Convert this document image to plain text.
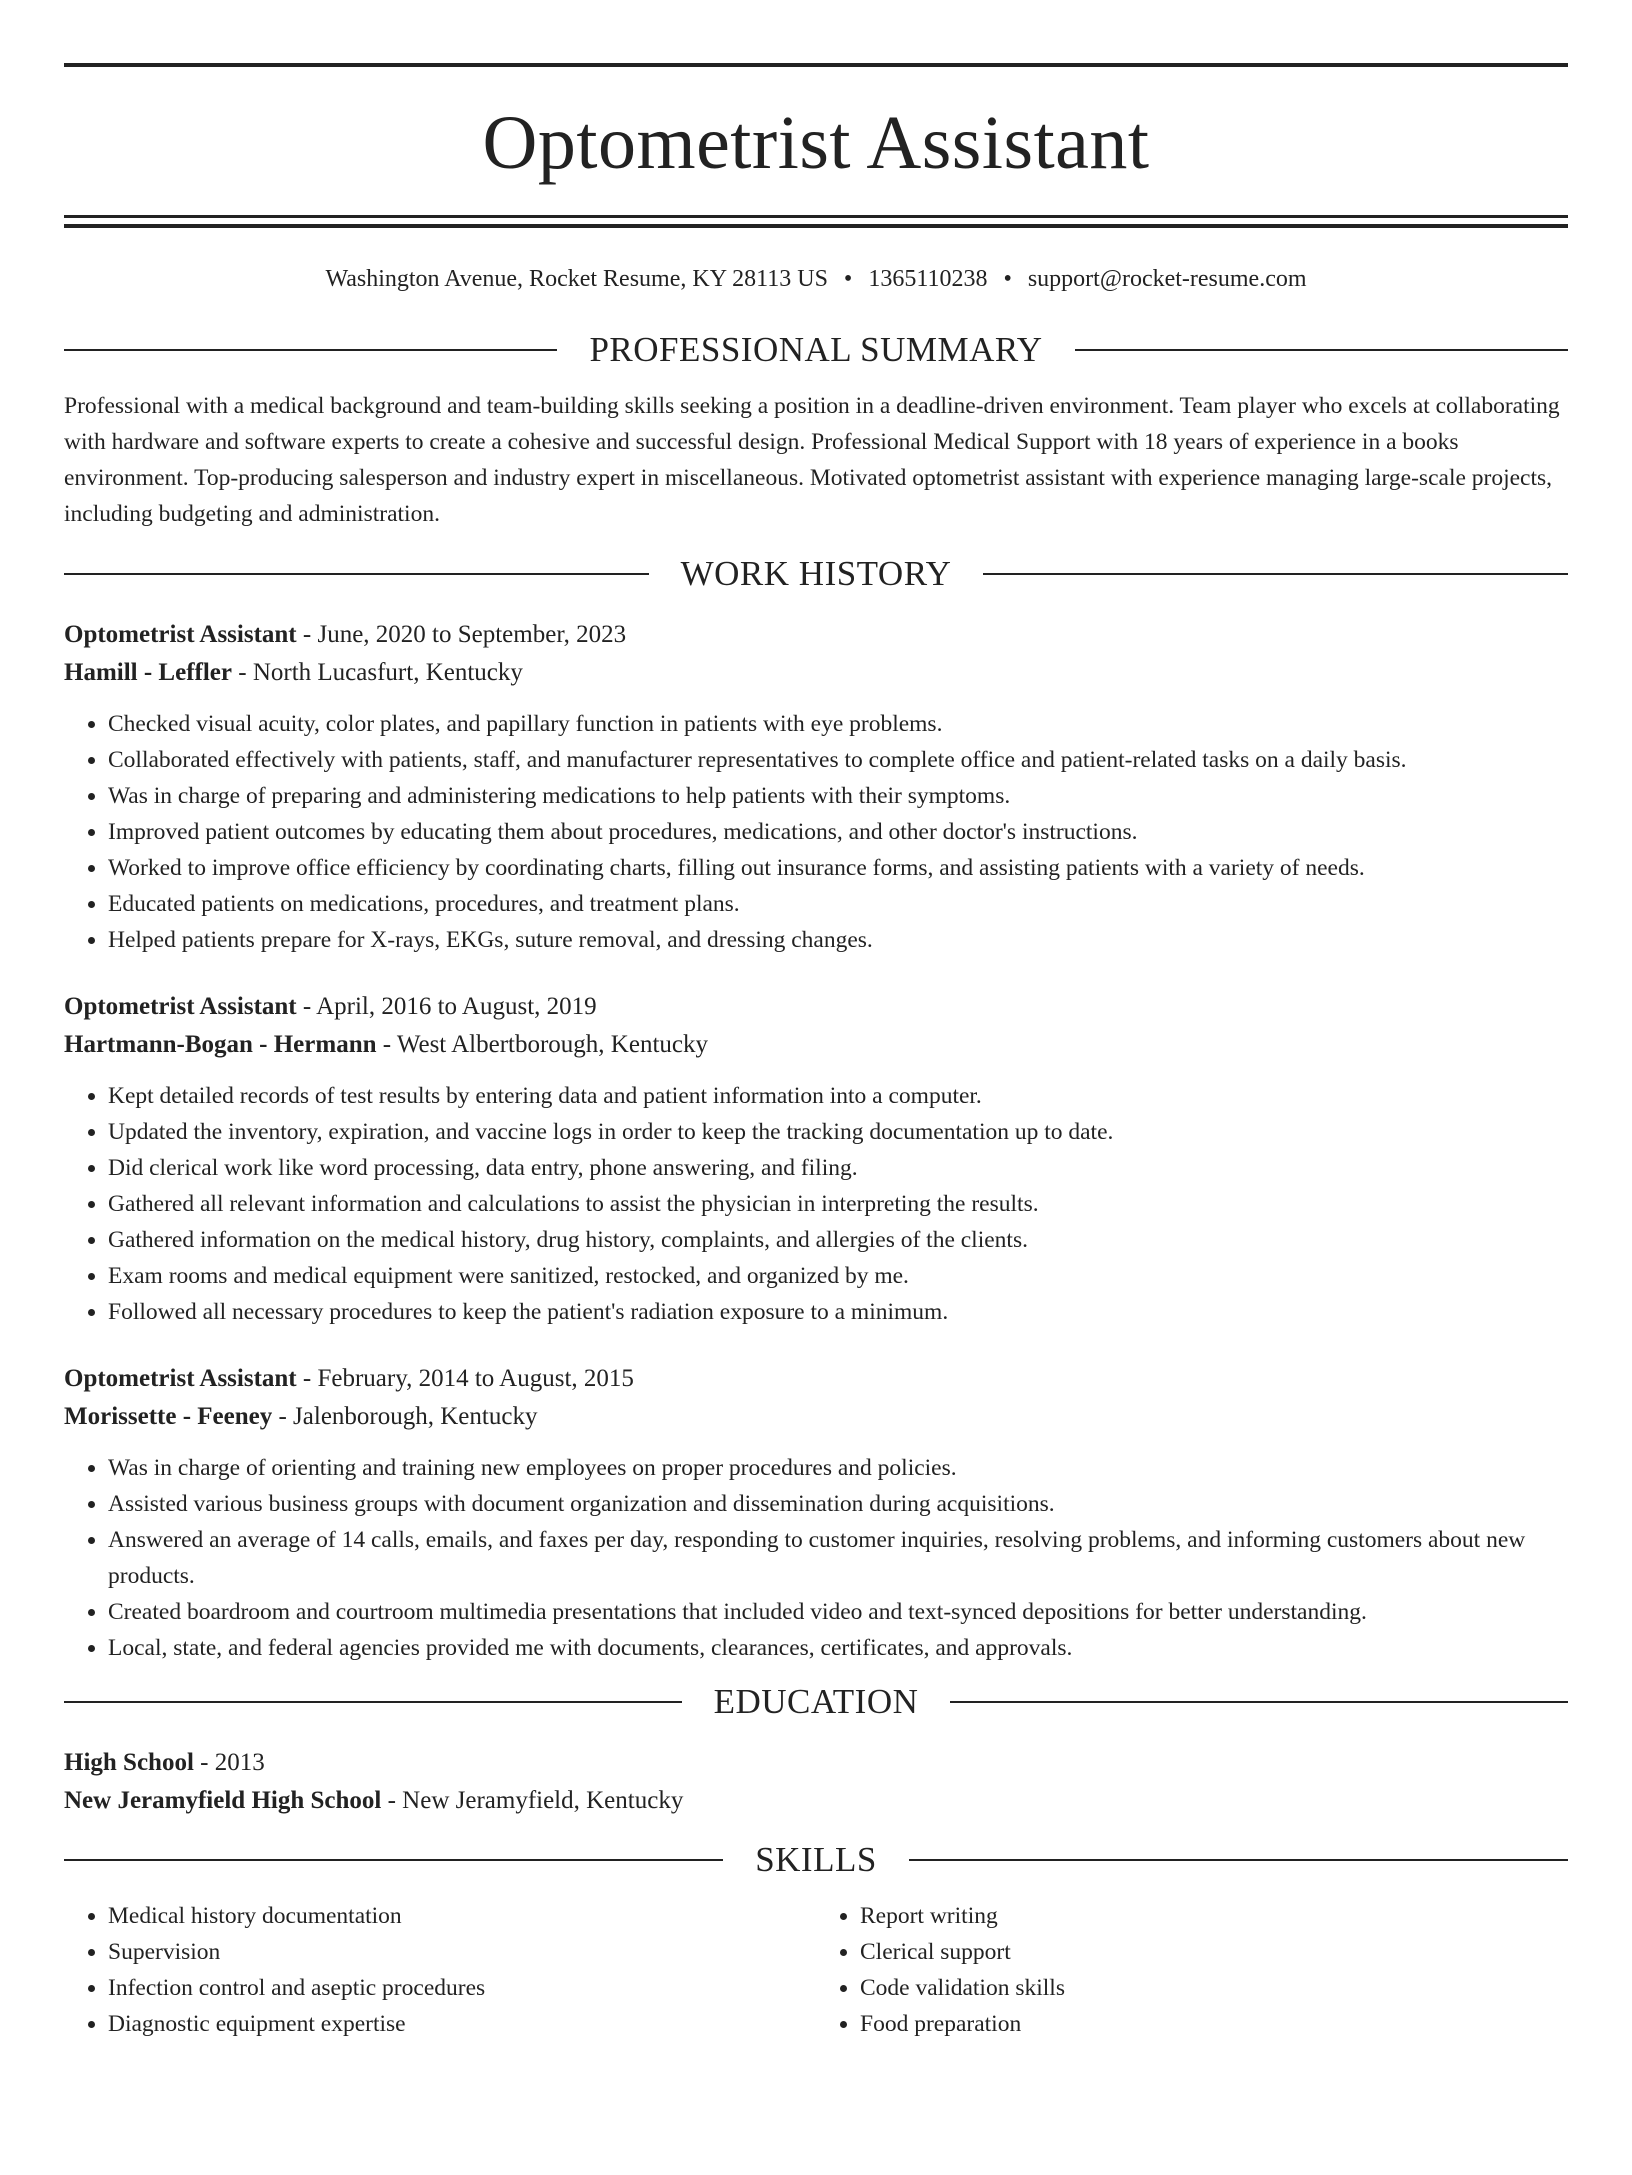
Optometrist Assistant
Washington Avenue, Rocket Resume, KY 28113 US • 1365110238 • support@rocket-resume.com
PROFESSIONAL SUMMARY

Professional with a medical background and team-building skills seeking a position in a deadline-driven environment. Team player who excels at collaborating with hardware and software experts to create a cohesive and successful design. Professional Medical Support with 18 years of experience in a books environment. Top-producing salesperson and industry expert in miscellaneous. Motivated optometrist assistant with experience managing large-scale projects, including budgeting and administration.

WORK HISTORY
Optometrist Assistant - June, 2020 to September, 2023
Hamill - Leffler - North Lucasfurt, Kentucky
• Checked visual acuity, color plates, and papillary function in patients with eye problems.
• Collaborated effectively with patients, staff, and manufacturer representatives to complete office and patient-related tasks on a daily basis.
• Was in charge of preparing and administering medications to help patients with their symptoms.
• Improved patient outcomes by educating them about procedures, medications, and other doctor's instructions.
• Worked to improve office efficiency by coordinating charts, filling out insurance forms, and assisting patients with a variety of needs.
• Educated patients on medications, procedures, and treatment plans.
• Helped patients prepare for X-rays, EKGs, suture removal, and dressing changes.
Optometrist Assistant - April, 2016 to August, 2019
Hartmann-Bogan - Hermann - West Albertborough, Kentucky
• Kept detailed records of test results by entering data and patient information into a computer.
• Updated the inventory, expiration, and vaccine logs in order to keep the tracking documentation up to date.
• Did clerical work like word processing, data entry, phone answering, and filing.
• Gathered all relevant information and calculations to assist the physician in interpreting the results.
• Gathered information on the medical history, drug history, complaints, and allergies of the clients.
• Exam rooms and medical equipment were sanitized, restocked, and organized by me.
• Followed all necessary procedures to keep the patient's radiation exposure to a minimum.
Optometrist Assistant - February, 2014 to August, 2015
Morissette - Feeney - Jalenborough, Kentucky
• Was in charge of orienting and training new employees on proper procedures and policies.
• Assisted various business groups with document organization and dissemination during acquisitions.
• Answered an average of 14 calls, emails, and faxes per day, responding to customer inquiries, resolving problems, and informing customers about new products.
• Created boardroom and courtroom multimedia presentations that included video and text-synced depositions for better understanding.
• Local, state, and federal agencies provided me with documents, clearances, certificates, and approvals.
EDUCATION
High School - 2013
New Jeramyfield High School - New Jeramyfield, Kentucky
SKILLS
• Medical history documentation
• Supervision
• Infection control and aseptic procedures
• Diagnostic equipment expertise
• Report writing
• Clerical support
• Code validation skills
• Food preparation
